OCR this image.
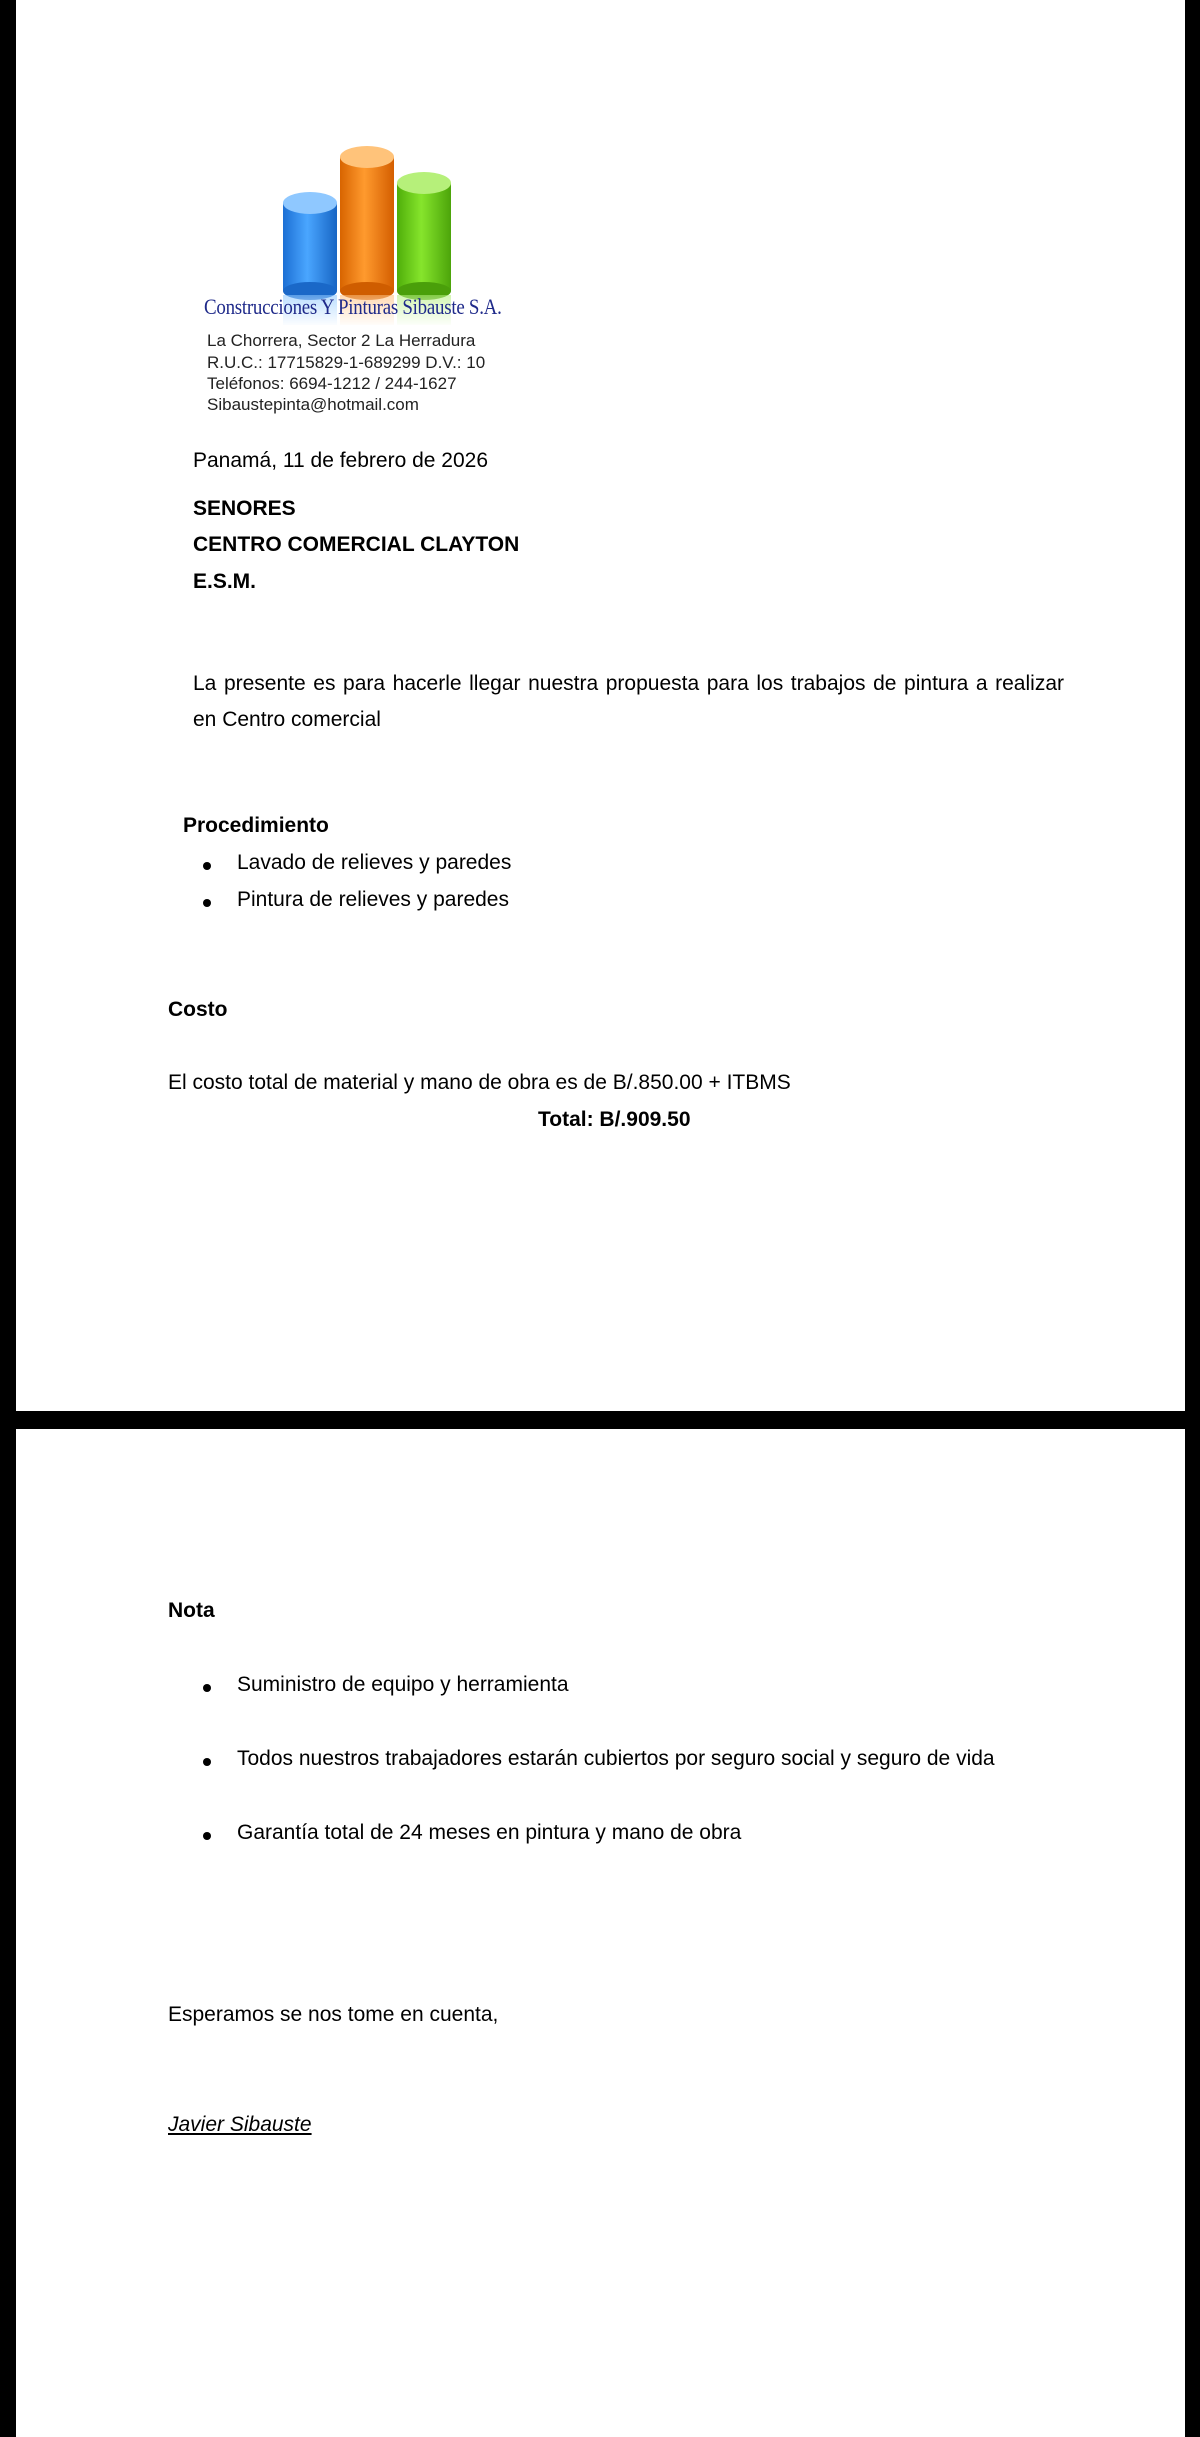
Construcciones Y Pinturas Sibauste S.A.
La Chorrera, Sector 2 La Herradura
R.U.C.: 17715829-1-689299 D.V.: 10
Teléfonos: 6694-1212 / 244-1627
Sibaustepinta@hotmail.com
Panamá, 11 de febrero de 2026
SENORES
CENTRO COMERCIAL CLAYTON
E.S.M.
La presente es para hacerle llegar nuestra propuesta para los trabajos de pintura a realizar en Centro comercial
Procedimiento
Lavado de relieves y paredes
Pintura de relieves y paredes
Costo
El costo total de material y mano de obra es de B/.850.00 + ITBMS
Total: B/.909.50
Nota
Suministro de equipo y herramienta
Todos nuestros trabajadores estarán cubiertos por seguro social y seguro de vida
Garantía total de 24 meses en pintura y mano de obra
Esperamos se nos tome en cuenta,
Javier Sibauste
